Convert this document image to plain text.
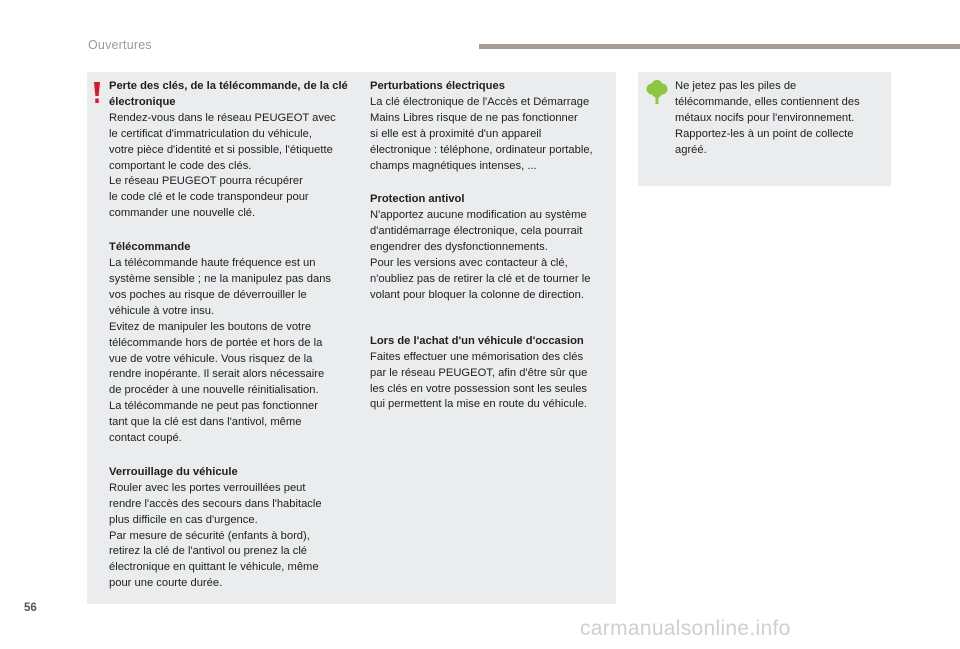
Ouvertures
Perte des clés, de la télécommande, de la clé électronique

Rendez-vous dans le réseau PEUGEOT avec
le certificat d'immatriculation du véhicule,
votre pièce d'identité et si possible, l'étiquette
comportant le code des clés.
Le réseau PEUGEOT pourra récupérer
le code clé et le code transpondeur pour
commander une nouvelle clé.

Télécommande

La télécommande haute fréquence est un
système sensible ; ne la manipulez pas dans
vos poches au risque de déverrouiller le
véhicule à votre insu.
Evitez de manipuler les boutons de votre
télécommande hors de portée et hors de la
vue de votre véhicule. Vous risquez de la
rendre inopérante. Il serait alors nécessaire
de procéder à une nouvelle réinitialisation.
La télécommande ne peut pas fonctionner
tant que la clé est dans l'antivol, même
contact coupé.

Verrouillage du véhicule

Rouler avec les portes verrouillées peut
rendre l'accès des secours dans l'habitacle
plus difficile en cas d'urgence.
Par mesure de sécurité (enfants à bord),
retirez la clé de l'antivol ou prenez la clé
électronique en quittant le véhicule, même
pour une courte durée.

Perturbations électriques

La clé électronique de l'Accès et Démarrage
Mains Libres risque de ne pas fonctionner
si elle est à proximité d'un appareil
électronique : téléphone, ordinateur portable,
champs magnétiques intenses, ...

Protection antivol

N'apportez aucune modification au système
d'antidémarrage électronique, cela pourrait
engendrer des dysfonctionnements.
Pour les versions avec contacteur à clé,
n'oubliez pas de retirer la clé et de tourner le
volant pour bloquer la colonne de direction.

Lors de l'achat d'un véhicule d'occasion

Faites effectuer une mémorisation des clés
par le réseau PEUGEOT, afin d'être sûr que
les clés en votre possession sont les seules
qui permettent la mise en route du véhicule.

Ne jetez pas les piles de
télécommande, elles contiennent des
métaux nocifs pour l'environnement.
Rapportez-les à un point de collecte
agréé.

56
carmanualsonline.info
